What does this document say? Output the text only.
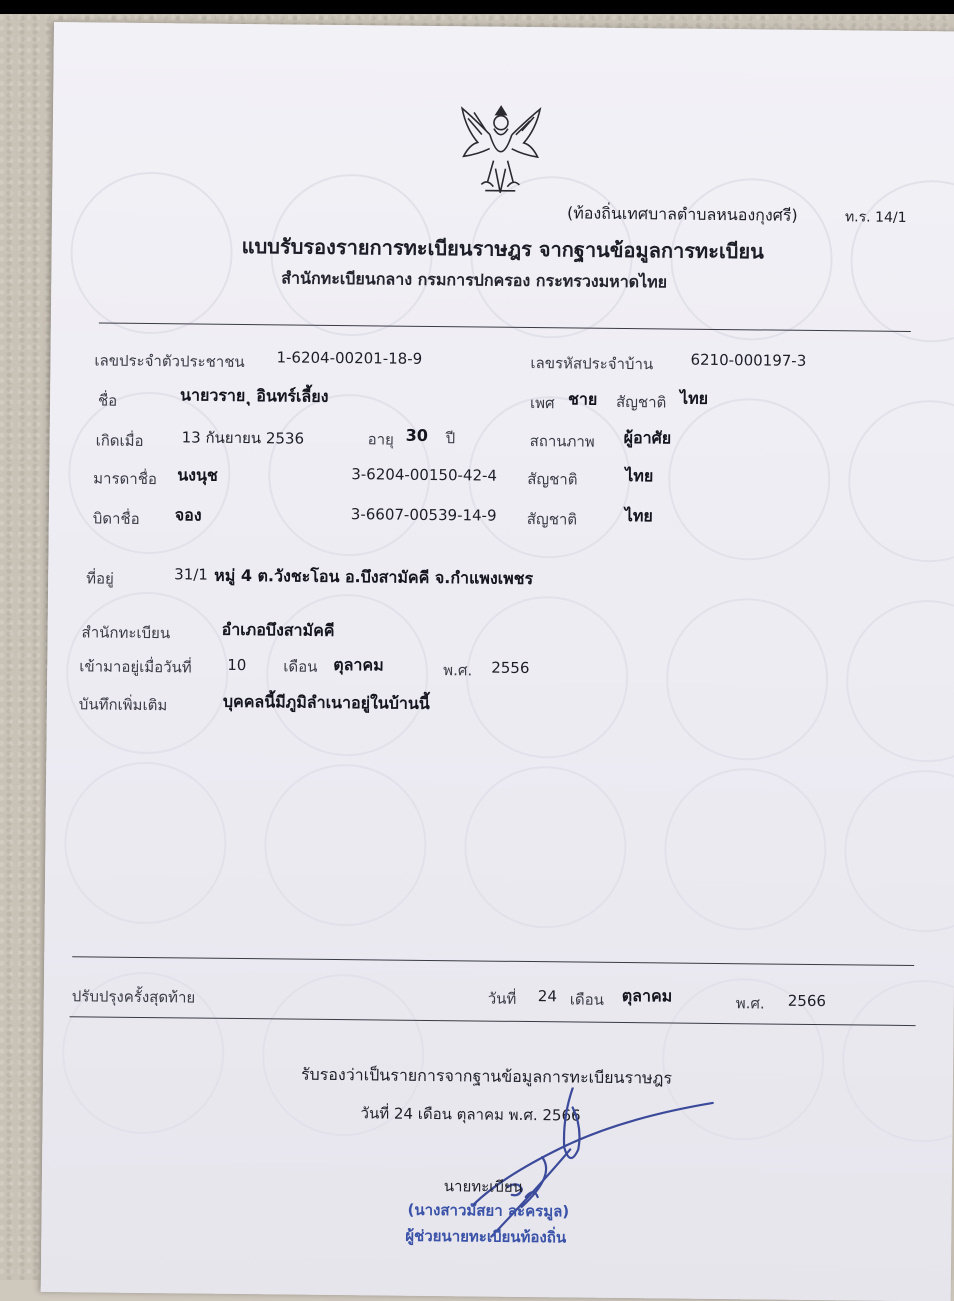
(ท้องถิ่นเทศบาลตำบลหนองกุงศรี)	ท.ร. 14/1
แบบรับรองรายการทะเบียนราษฎร จากฐานข้อมูลการทะเบียน
สำนักทะเบียนกลาง กรมการปกครอง กระทรวงมหาดไทย
เลขประจำตัวประชาชน 1-6204-00201-18-9	เลขรหัสประจำบ้าน 6210-000197-3
ชื่อ	นายวราย ุ อินทร์เลี้ยง	เพศ ชาย สัญชาติ ไทย
เกิดเมื่อ	13 กันยายน 2536	อายุ 30 ปี	สถานภาพ ผู้อาศัย
มารดาชื่อ นงนุช	3-6204-00150-42-4 สัญชาติ	ไทย
บิดาชื่อ จอง	3-6607-00539-14-9 สัญชาติ	ไทย
ที่อยู่	31/1 หมู่ 4 ต.วังชะโอน อ.บึงสามัคคี จ.กำแพงเพชร
สำนักทะเบียน	อำเภอบึงสามัคคี
เข้ามาอยู่เมื่อวันที่ 10 เดือน ตุลาคม	พ.ศ. 2556
บันทึกเพิ่มเติม	บุคคลนี้มีภูมิลำเนาอยู่ในบ้านนี้
ปรับปรุงครั้งสุดท้าย	วันที่ 24 เดือน ตุลาคม	พ.ศ. 2566
รับรองว่าเป็นรายการจากฐานข้อมูลการทะเบียนราษฎร
วันที่ 24 เดือน ตุลาคม พ.ศ. 2566
นายทะเบียน
(นางสาวมัสยา ละครมูล)
ผู้ช่วยนายทะเบียนท้องถิ่น
